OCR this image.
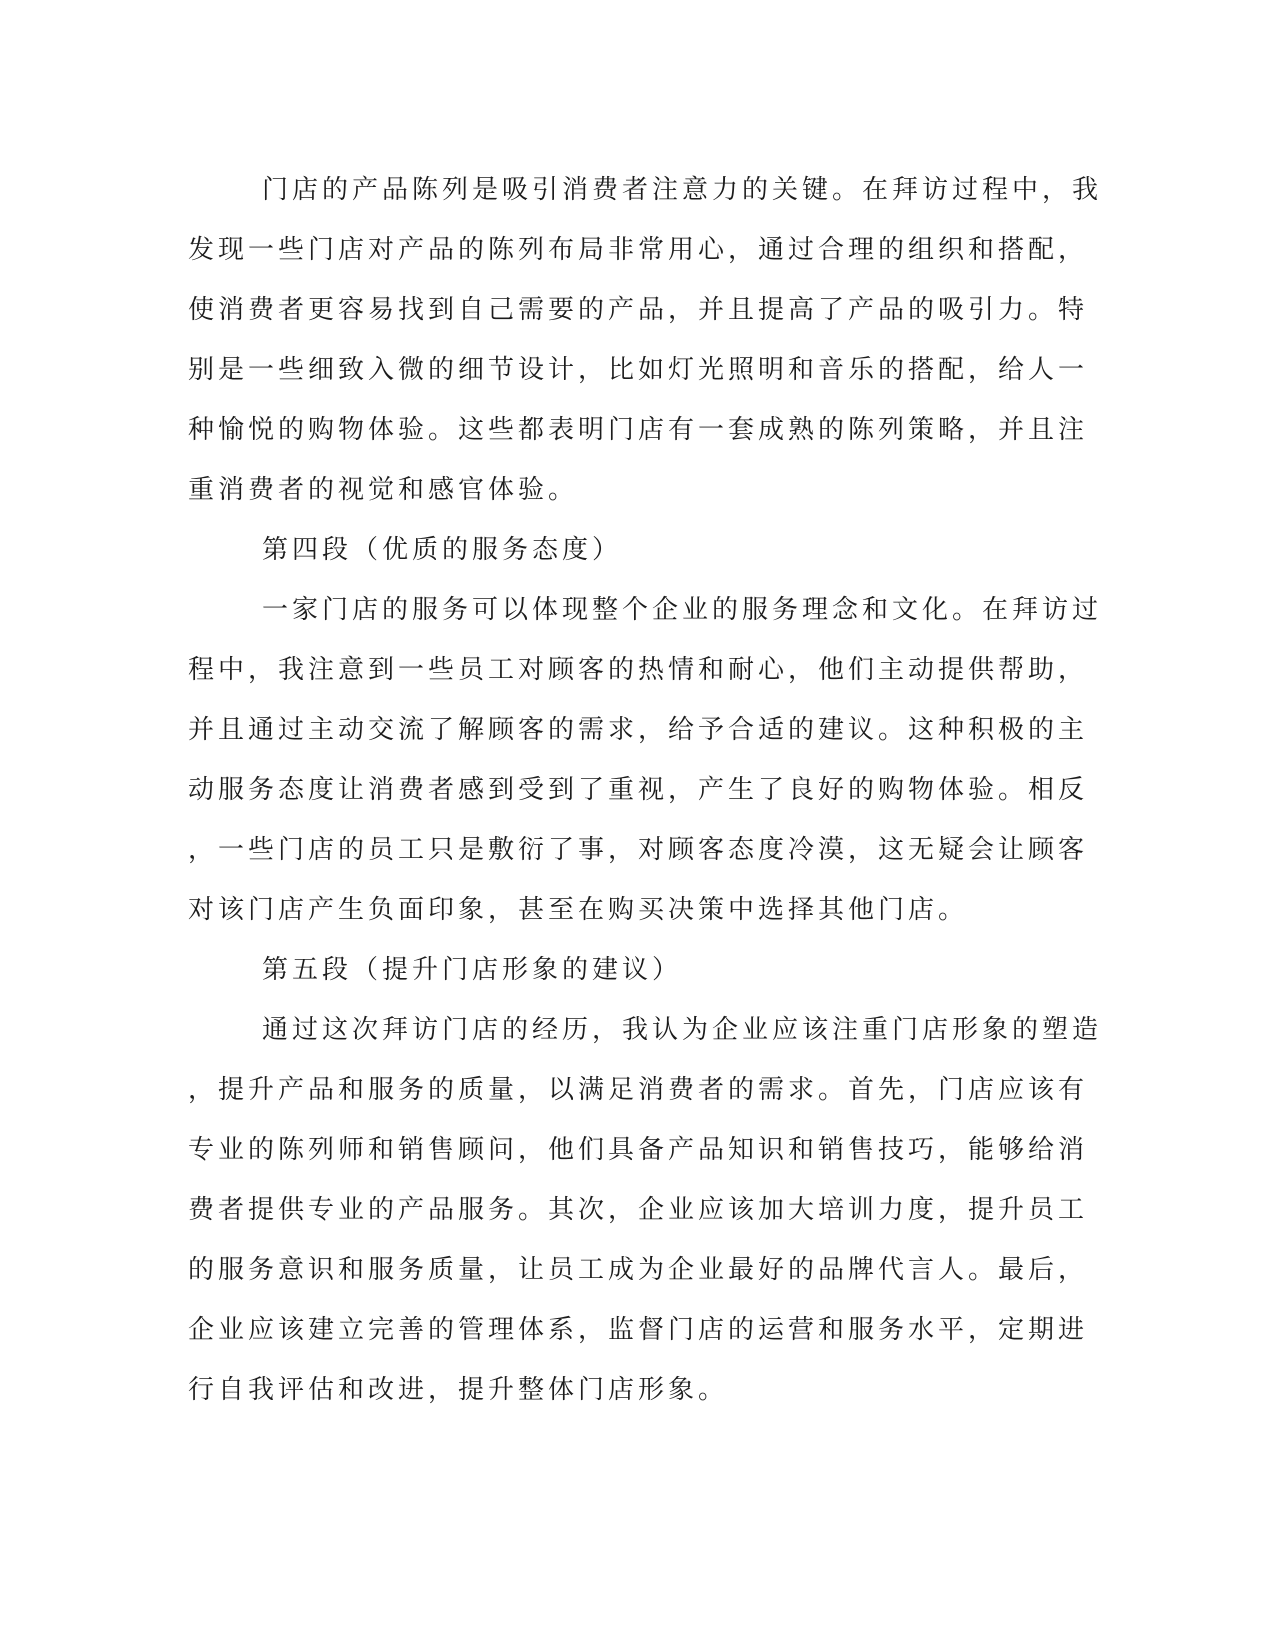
门店的产品陈列是吸引消费者注意力的关键。在拜访过程中，我
发现一些门店对产品的陈列布局非常用心，通过合理的组织和搭配，
使消费者更容易找到自己需要的产品，并且提高了产品的吸引力。特
别是一些细致入微的细节设计，比如灯光照明和音乐的搭配，给人一
种愉悦的购物体验。这些都表明门店有一套成熟的陈列策略，并且注
重消费者的视觉和感官体验。
第四段（优质的服务态度）
一家门店的服务可以体现整个企业的服务理念和文化。在拜访过
程中，我注意到一些员工对顾客的热情和耐心，他们主动提供帮助，
并且通过主动交流了解顾客的需求，给予合适的建议。这种积极的主
动服务态度让消费者感到受到了重视，产生了良好的购物体验。相反
，一些门店的员工只是敷衍了事，对顾客态度冷漠，这无疑会让顾客
对该门店产生负面印象，甚至在购买决策中选择其他门店。
第五段（提升门店形象的建议）
通过这次拜访门店的经历，我认为企业应该注重门店形象的塑造
，提升产品和服务的质量，以满足消费者的需求。首先，门店应该有
专业的陈列师和销售顾问，他们具备产品知识和销售技巧，能够给消
费者提供专业的产品服务。其次，企业应该加大培训力度，提升员工
的服务意识和服务质量，让员工成为企业最好的品牌代言人。最后，
企业应该建立完善的管理体系，监督门店的运营和服务水平，定期进
行自我评估和改进，提升整体门店形象。
